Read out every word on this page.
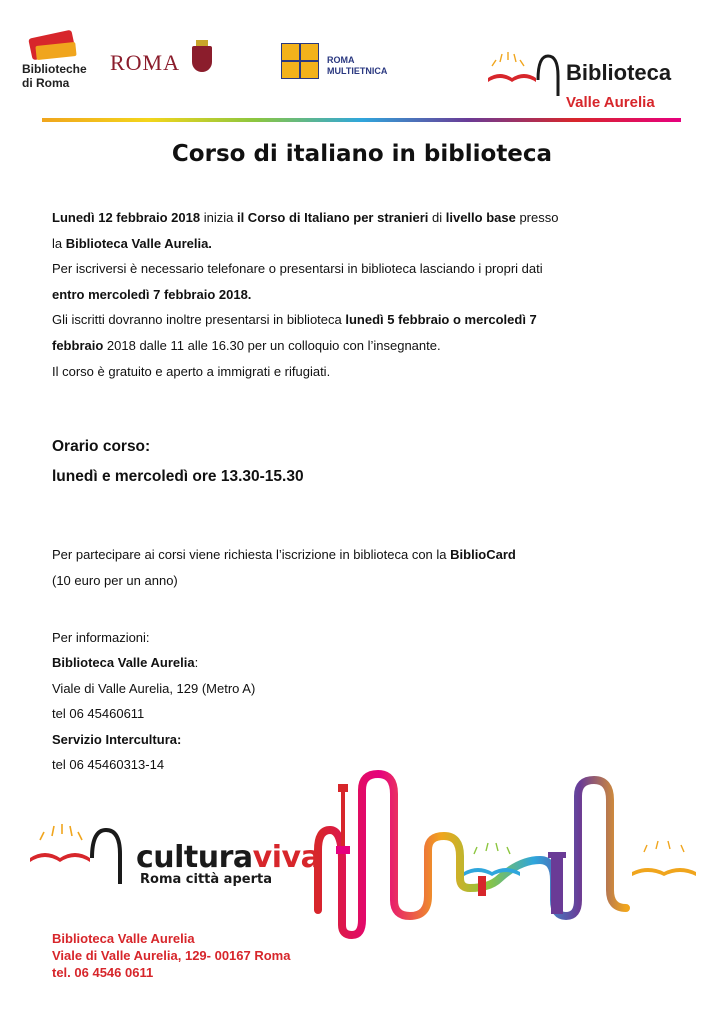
Biblioteche
di Roma
ROMA	ROMA
MULTIETNICA	Biblioteca
Valle Aurelia
Corso di italiano in biblioteca

Lunedì 12 febbraio 2018 inizia il Corso di Italiano per stranieri di livello base presso

la Biblioteca Valle Aurelia.

Per iscriversi è necessario telefonare o presentarsi in biblioteca lasciando i propri dati

entro mercoledì 7 febbraio 2018.

Gli iscritti dovranno inoltre presentarsi in biblioteca lunedì 5 febbraio o mercoledì 7

febbraio 2018 dalle 11 alle 16.30 per un colloquio con l’insegnante.

Il corso è gratuito e aperto a immigrati e rifugiati.

Orario corso:
lunedì e mercoledì ore 13.30-15.30
Per partecipare ai corsi viene richiesta l’iscrizione in biblioteca con la BiblioCard
(10 euro per un anno)
Per informazioni:
Biblioteca Valle Aurelia:
Viale di Valle Aurelia, 129 (Metro A)
tel 06 45460611
Servizio Intercultura:
tel 06 45460313-14
culturaviva
Roma città aperta
Biblioteca Valle Aurelia
Viale di Valle Aurelia, 129- 00167 Roma
tel. 06 4546 0611
